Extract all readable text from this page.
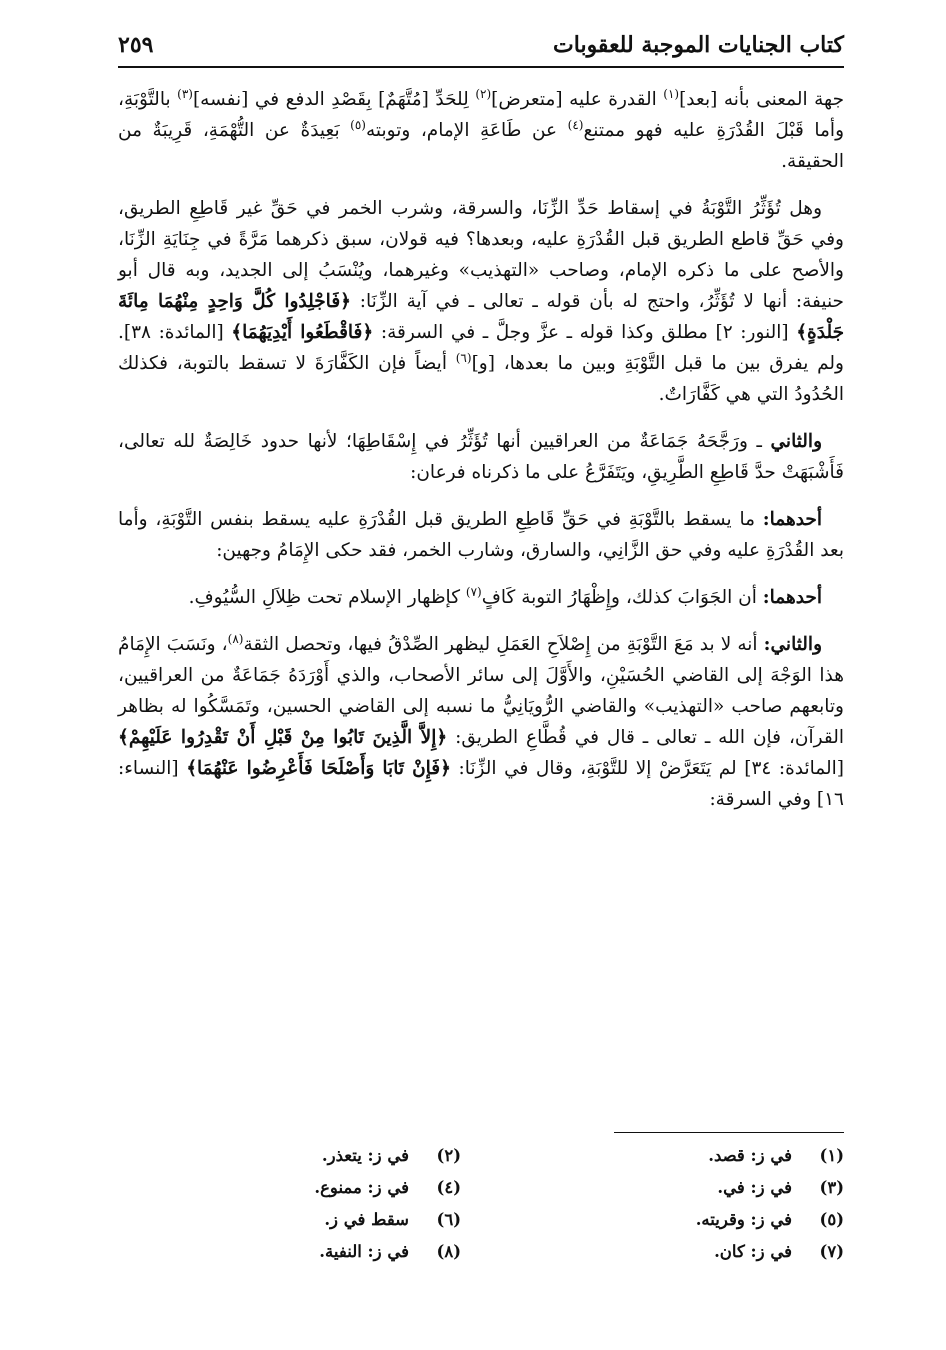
كتاب الجنايات الموجبة للعقوبات
٢٥٩

جهة المعنى بأنه [بعد]$^{(١)}$ القدرة عليه [متعرض]$^{(٢)}$ لِلحَدِّ [مُتَّهَمٌ] بِقَصْدِ الدفع في [نفسه]$^{(٣)}$ بالتَّوْبَةِ، وأما قَبْلَ القُدْرَةِ عليه فهو ممتنع$^{(٤)}$ عن طَاعَةِ الإمام، وتوبته$^{(٥)}$ بَعِيدَةٌ عن التُّهْمَةِ، قَرِيبَةٌ من الحقيقة.

وهل تُؤَثِّرُ التَّوْبَةُ في إسقاط حَدِّ الزِّنَا، والسرقة، وشرب الخمر في حَقِّ غير قَاطِعِ الطريق، وفي حَقِّ قاطع الطريق قبل القُدْرَةِ عليه، وبعدها؟ فيه قولان، سبق ذكرهما مَرَّةً في جِنَايَةِ الزِّنَا، والأصح على ما ذكره الإمام، وصاحب «التهذيب» وغيرهما، ويُنْسَبُ إلى الجديد، وبه قال أبو حنيفة: أنها لا تُؤَثِّرُ، واحتج له بأن قوله ـ تعالى ـ في آية الزِّنَا: ﴿فَاجْلِدُوا كُلَّ وَاحِدٍ مِنْهُمَا مِائَةَ جَلْدَةٍ﴾ [النور: ٢] مطلق وكذا قوله ـ عزَّ وجلَّ ـ في السرقة: ﴿فَاقْطَعُوا أَيْدِيَهُمَا﴾ [المائدة: ٣٨]. ولم يفرق بين ما قبل التَّوْبَةِ وبين ما بعدها، [و]$^{(٦)}$ أيضاً فإن الكَفَّارَةَ لا تسقط بالتوبة، فكذلك الحُدُودُ التي هي كَفَّارَاتٌ.

والثاني ـ ورَجَّحَهُ جَمَاعَةٌ من العراقيين أنها تُؤَثِّرُ في إِسْقَاطِهَا؛ لأنها حدود خَالِصَةٌ لله تعالى، فَأَشْبَهَتْ حدَّ قَاطِعِ الطَّرِيقِ، ويَتَفَرَّعُ على ما ذكرناه فرعان:

أحدهما: ما يسقط بالتَّوْبَةِ في حَقِّ قَاطِعِ الطريق قبل القُدْرَةِ عليه يسقط بنفس التَّوْبَةِ، وأما بعد القُدْرَةِ عليه وفي حق الزَّانِي، والسارق، وشارب الخمر، فقد حكى الإِمَامُ وجهين:

أحدهما: أن الجَوَابَ كذلك، وإِظْهَارُ التوبة كَافٍ$^{(٧)}$ كإظهار الإسلام تحت ظِلاَلِ السُّيُوفِ.

والثاني: أنه لا بد مَعَ التَّوْبَةِ من إِصْلاَحِ العَمَلِ ليظهر الصِّدْقُ فيها، وتحصل الثقة$^{(٨)}$، ونَسَبَ الإِمَامُ هذا الوَجْهَ إلى القاضي الحُسَيْنِ، والأَوَّلَ إلى سائر الأصحاب، والذي أَوْرَدَهُ جَمَاعَةٌ من العراقيين، وتابعهم صاحب «التهذيب» والقاضي الرُّويَانِيُّ ما نسبه إلى القاضي الحسين، وتَمَسَّكُوا له بظاهر القرآن، فإن الله ـ تعالى ـ قال في قُطَّاعِ الطريق: ﴿إِلاَّ الَّذِينَ تَابُوا مِنْ قَبْلِ أَنْ تَقْدِرُوا عَلَيْهِمْ﴾ [المائدة: ٣٤] لم يَتَعَرَّضْ إلا للتَّوْبَةِ، وقال في الزِّنَا: ﴿فَإِنْ تَابَا وَأَصْلَحَا فَأَعْرِضُوا عَنْهُمَا﴾ [النساء: ١٦] وفي السرقة:

(١)
في ز: قصد.
(٢)
في ز: يتعذر.
(٣)
في ز: في.
(٤)
في ز: ممنوع.
(٥)
في ز: وقريته.
(٦)
سقط في ز.
(٧)
في ز: كان.
(٨)
في ز: النفية.
